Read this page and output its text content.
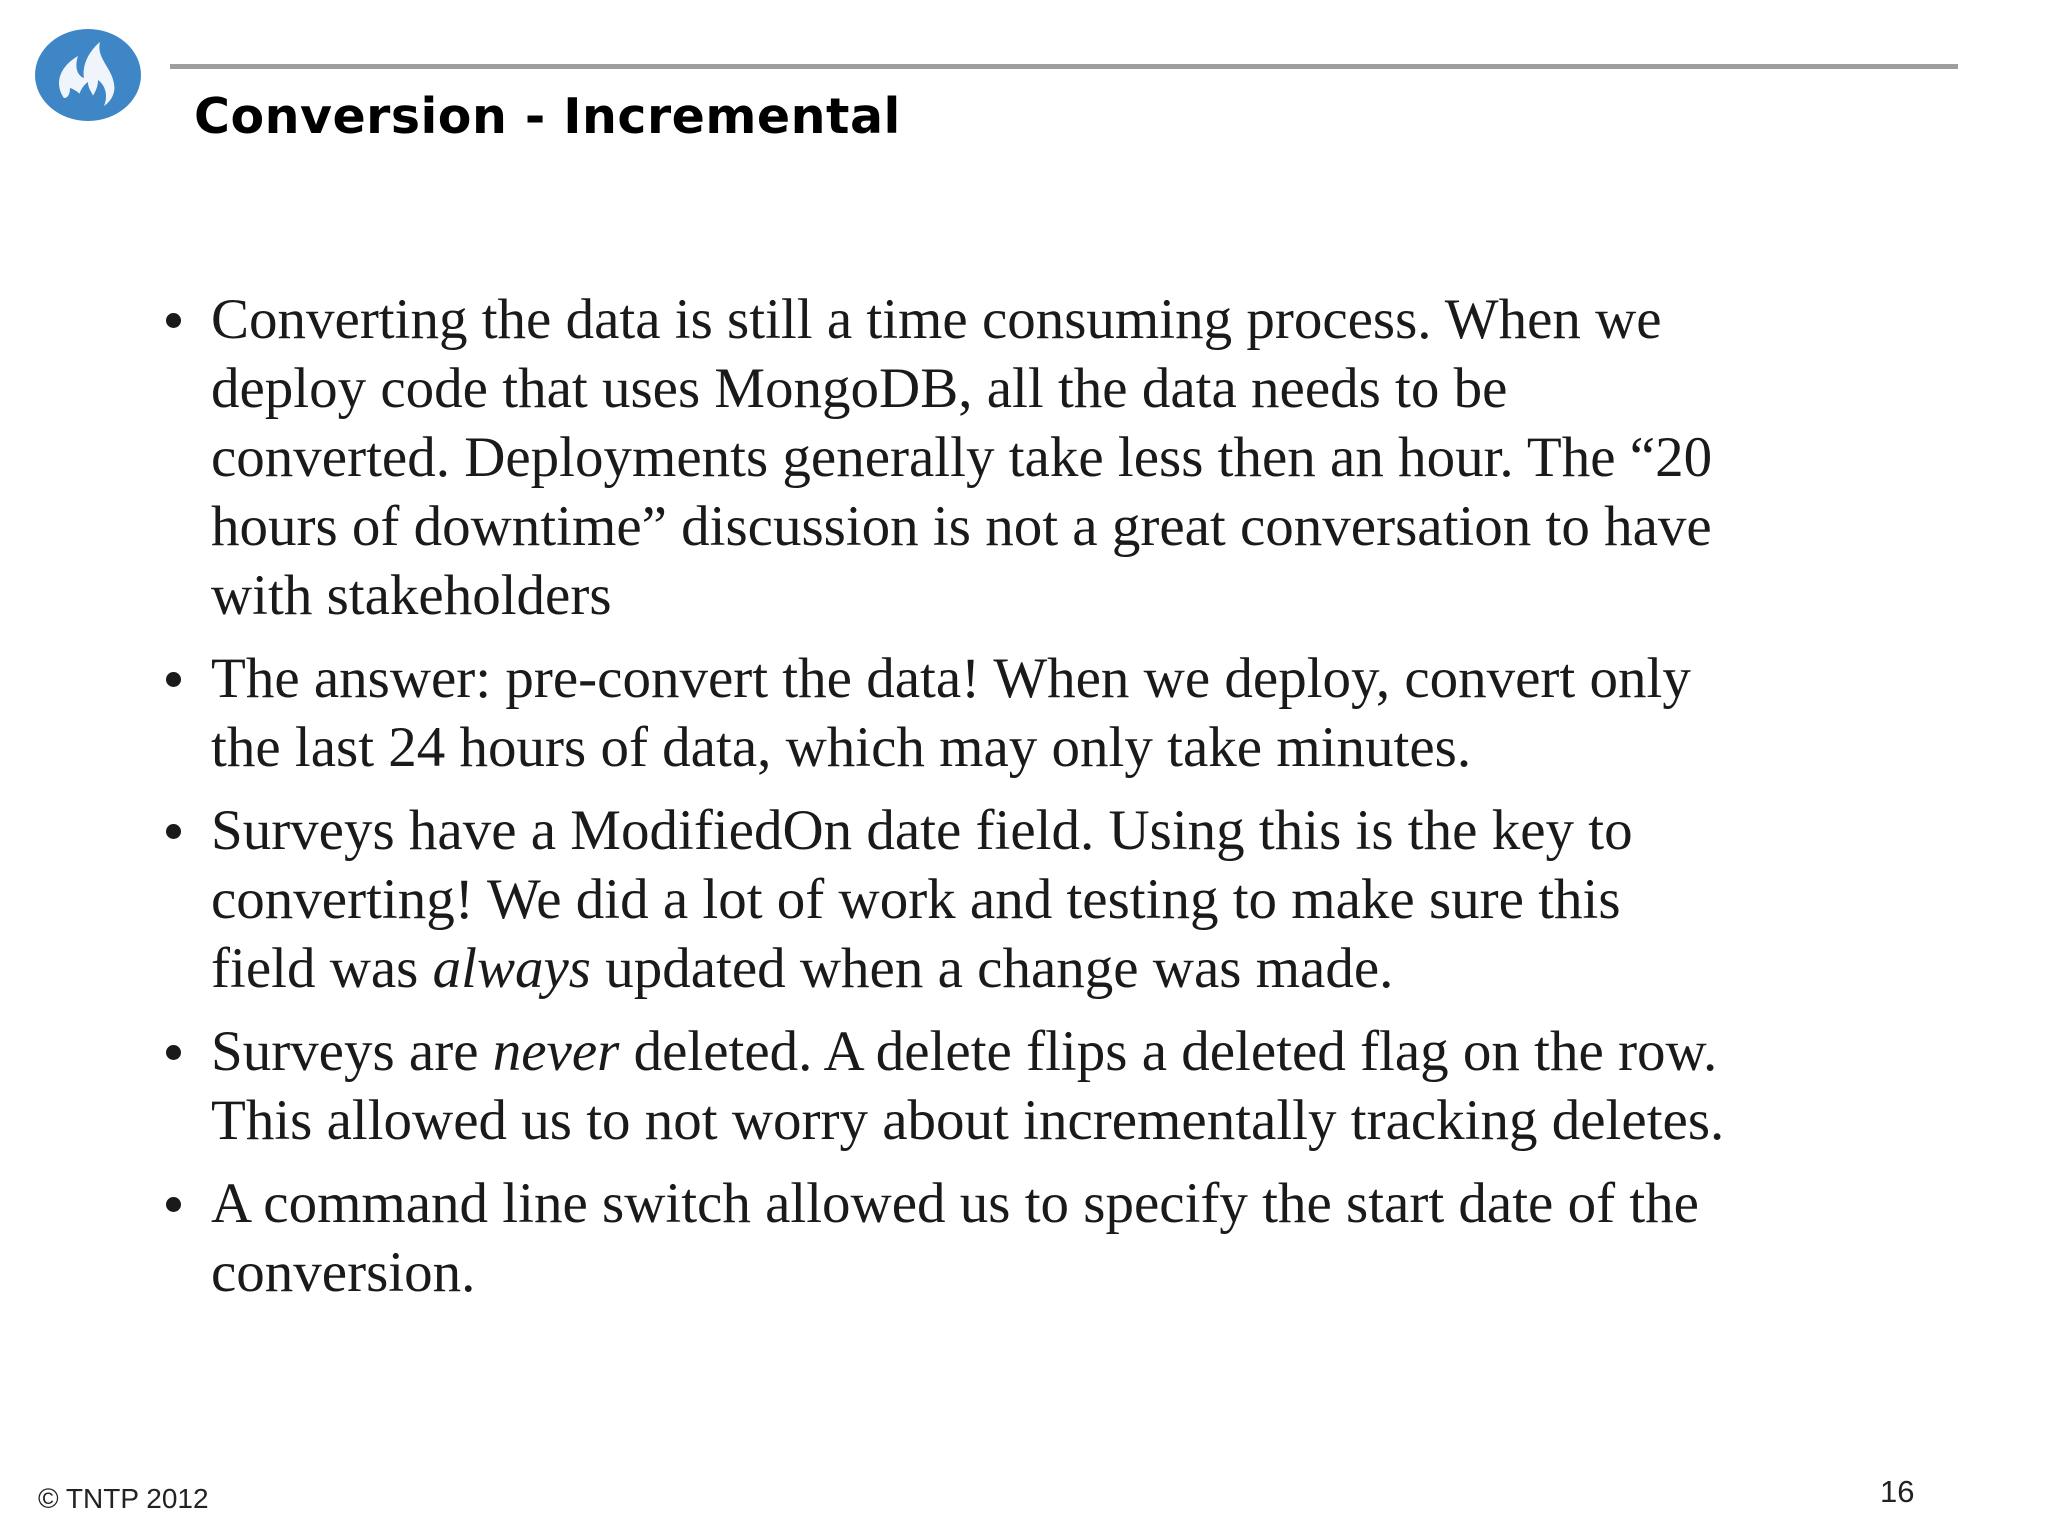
Conversion - Incremental
Converting the data is still a time consuming process. When we
deploy code that uses MongoDB, all the data needs to be
converted. Deployments generally take less then an hour. The “20
hours of downtime” discussion is not a great conversation to have
with stakeholders
The answer: pre-convert the data! When we deploy, convert only
the last 24 hours of data, which may only take minutes.
Surveys have a ModifiedOn date field. Using this is the key to
converting! We did a lot of work and testing to make sure this
field was always updated when a change was made.
Surveys are never deleted. A delete flips a deleted flag on the row.
This allowed us to not worry about incrementally tracking deletes.
A command line switch allowed us to specify the start date of the
conversion.
© TNTP 2012	16
